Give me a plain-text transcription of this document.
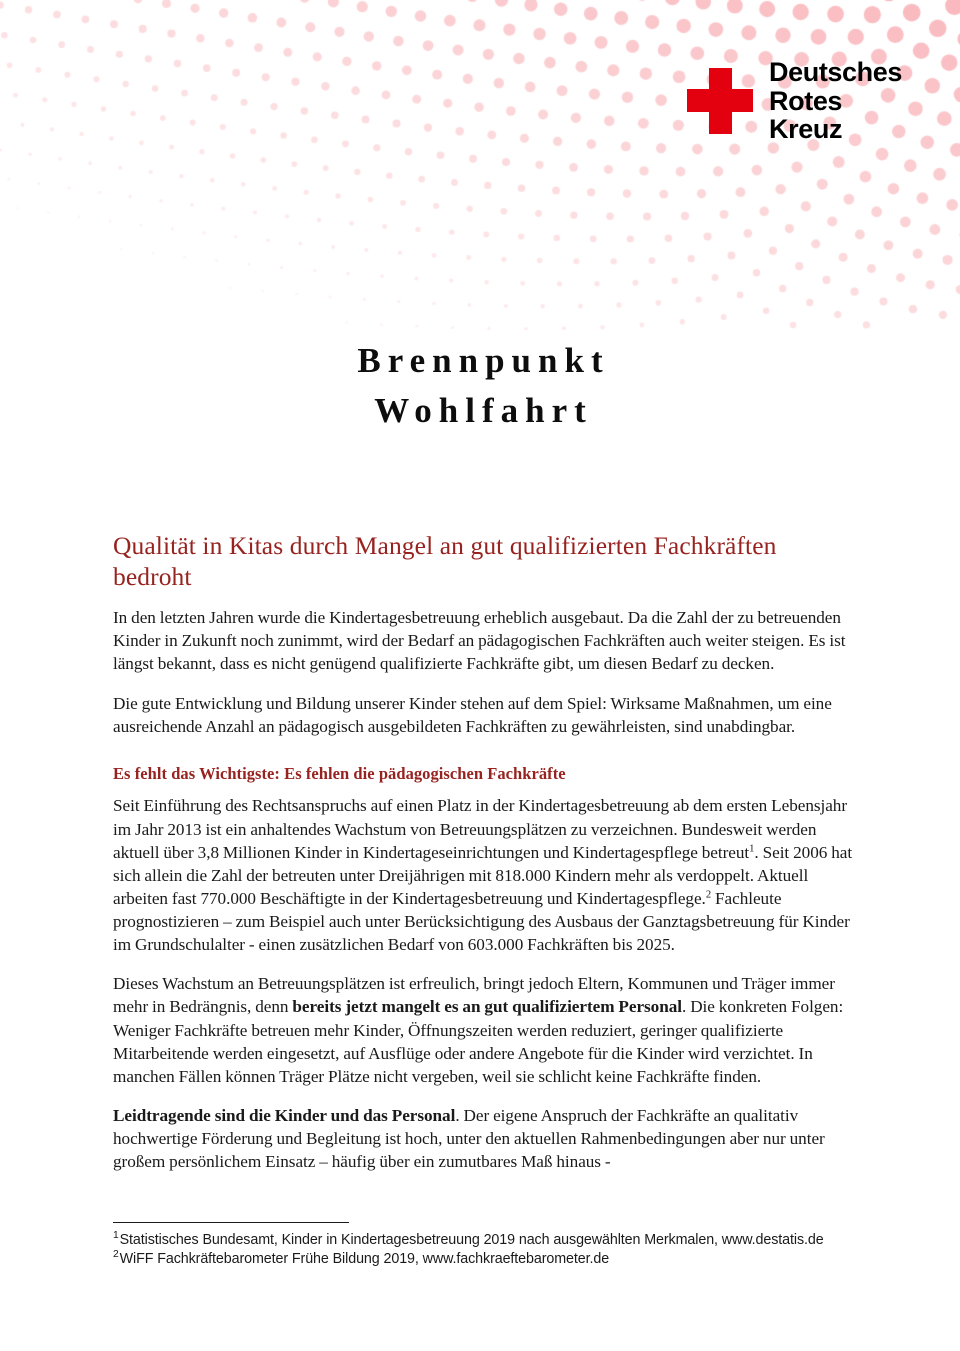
Deutsches
Rotes
Kreuz
Brennpunkt
Wohlfahrt
Qualität in Kitas durch Mangel an gut qualifizierten Fachkräften bedroht

In den letzten Jahren wurde die Kindertagesbetreuung erheblich ausgebaut. Da die Zahl der zu betreuenden Kinder in Zukunft noch zunimmt, wird der Bedarf an pädagogischen Fachkräften auch weiter steigen. Es ist längst bekannt, dass es nicht genügend qualifizierte Fachkräfte gibt, um diesen Bedarf zu decken.

Die gute Entwicklung und Bildung unserer Kinder stehen auf dem Spiel: Wirksame Maßnahmen, um eine ausreichende Anzahl an pädagogisch ausgebildeten Fachkräften zu gewährleisten, sind unabdingbar.

Es fehlt das Wichtigste: Es fehlen die pädagogischen Fachkräfte

Seit Einführung des Rechtsanspruchs auf einen Platz in der Kindertagesbetreuung ab dem ersten Lebensjahr im Jahr 2013 ist ein anhaltendes Wachstum von Betreuungsplätzen zu verzeichnen. Bundesweit werden aktuell über 3,8 Millionen Kinder in Kindertageseinrichtungen und Kindertagespflege betreut$^1$. Seit 2006 hat sich allein die Zahl der betreuten unter Dreijährigen mit 818.000 Kindern mehr als verdoppelt. Aktuell arbeiten fast 770.000 Beschäftigte in der Kindertagesbetreuung und Kindertagespflege.$^2$ Fachleute prognostizieren – zum Beispiel auch unter Berücksichtigung des Ausbaus der Ganztagsbetreuung für Kinder im Grundschulalter - einen zusätzlichen Bedarf von 603.000 Fachkräften bis 2025.

Dieses Wachstum an Betreuungsplätzen ist erfreulich, bringt jedoch Eltern, Kommunen und Träger immer mehr in Bedrängnis, denn bereits jetzt mangelt es an gut qualifiziertem Personal. Die konkreten Folgen: Weniger Fachkräfte betreuen mehr Kinder, Öffnungszeiten werden reduziert, geringer qualifizierte Mitarbeitende werden eingesetzt, auf Ausflüge oder andere Angebote für die Kinder wird verzichtet. In manchen Fällen können Träger Plätze nicht vergeben, weil sie schlicht keine Fachkräfte finden.

Leidtragende sind die Kinder und das Personal. Der eigene Anspruch der Fachkräfte an qualitativ hochwertige Förderung und Begleitung ist hoch, unter den aktuellen Rahmenbedingungen aber nur unter großem persönlichem Einsatz – häufig über ein zumutbares Maß hinaus -

$^1$Statistisches Bundesamt, Kinder in Kindertagesbetreuung 2019 nach ausgewählten Merkmalen, www.destatis.de

$^2$WiFF Fachkräftebarometer Frühe Bildung 2019, www.fachkraeftebarometer.de
